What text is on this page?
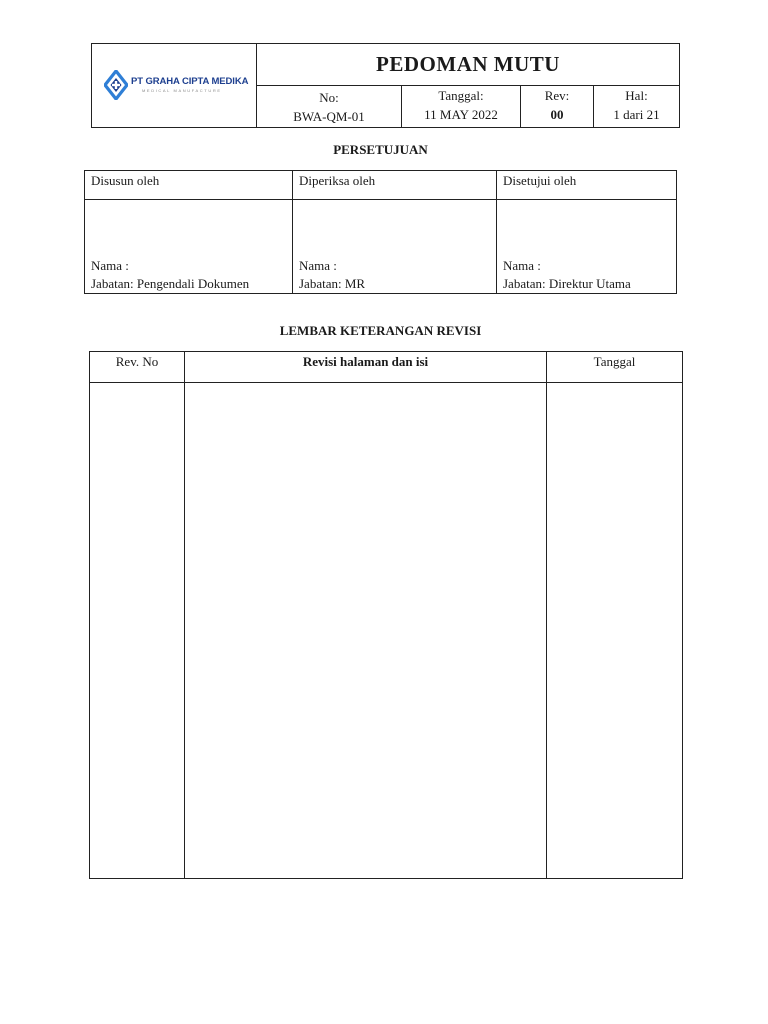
PT GRAHA CIPTA MEDIKA
MEDICAL MANUFACTURE
PEDOMAN MUTU
No:
BWA-QM-01
Tanggal:
11 MAY 2022
Rev:
00
Hal:
1 dari 21
PERSETUJUAN
Disusun oleh
Nama :
Jabatan: Pengendali Dokumen
Diperiksa oleh
Nama :
Jabatan: MR
Disetujui oleh
Nama :
Jabatan: Direktur Utama
LEMBAR KETERANGAN REVISI
Rev. No	Revisi halaman dan isi	Tanggal
